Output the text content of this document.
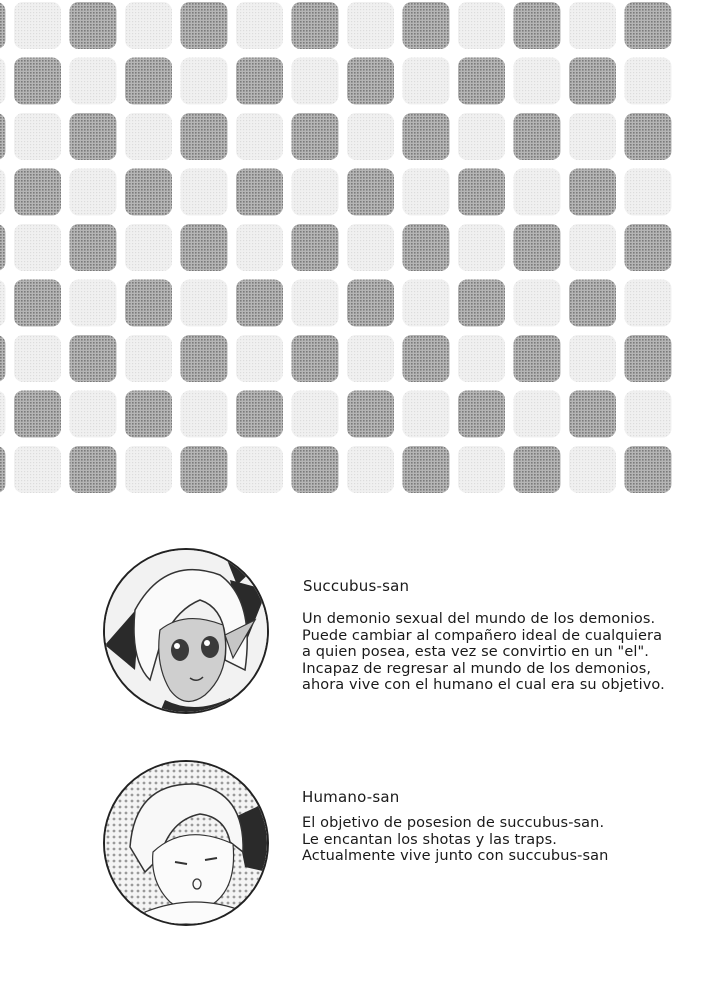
Succubus-san
Un demonio sexual del mundo de los demonios.
Puede cambiar al compañero ideal de cualquiera
a quien posea, esta vez se convirtio en un "el".
Incapaz de regresar al mundo de los demonios,
ahora vive con el humano el cual era su objetivo.
Humano-san
El objetivo de posesion de succubus-san.
Le encantan los shotas y las traps.
Actualmente vive junto con succubus-san
